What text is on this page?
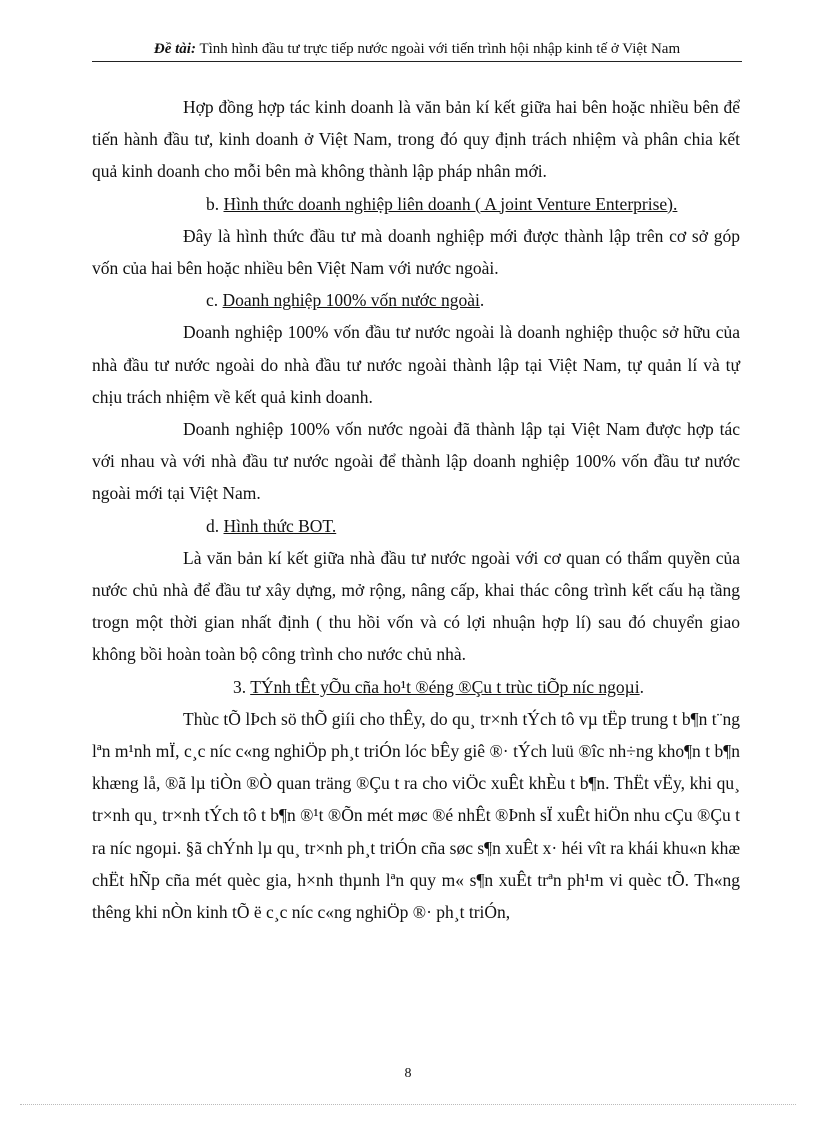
Đề tài: Tình hình đầu tư trực tiếp nước ngoài với tiến trình hội nhập kinh tế ở Việt Nam

Hợp đồng hợp tác kinh doanh là văn bản kí kết giữa hai bên hoặc nhiều bên để tiến hành đầu tư, kinh doanh ở Việt Nam, trong đó quy định trách nhiệm và phân chia kết quả kinh doanh cho mỗi bên mà không thành lập pháp nhân mới.

b. Hình thức doanh nghiệp liên doanh ( A joint Venture Enterprise).

Đây là hình thức đầu tư mà doanh nghiệp mới được thành lập trên cơ sở góp vốn của hai bên hoặc nhiều bên Việt Nam với nước ngoài.

c. Doanh nghiệp 100% vốn nước ngoài.

Doanh nghiệp 100% vốn đầu tư nước ngoài là doanh nghiệp thuộc sở hữu của nhà đầu tư nước ngoài do nhà đầu tư nước ngoài thành lập tại Việt Nam, tự quản lí và tự chịu trách nhiệm về kết quả kinh doanh.

Doanh nghiệp 100% vốn nước ngoài đã thành lập tại Việt Nam được hợp tác với nhau và với nhà đầu tư nước ngoài để thành lập doanh nghiệp 100% vốn đầu tư nước ngoài mới tại Việt Nam.

d. Hình thức BOT.

Là văn bản kí kết giữa nhà đầu tư nước ngoài với cơ quan có thẩm quyền của nước chủ nhà để đầu tư xây dựng, mở rộng, nâng cấp, khai thác công trình kết cấu hạ tầng trogn một thời gian nhất định ( thu hồi vốn và có lợi nhuận hợp lí) sau đó chuyển giao không bồi hoàn toàn bộ công trình cho nước chủ nhà.

3. TÝnh tÊt yÕu cña ho¹t ®éng ®Çu t trùc tiÕp níc ngoµi.

Thùc tÕ lÞch sö thÕ giíi cho thÊy, do qu¸ tr×nh tÝch tô vµ tËp trung t b¶n t¨ng lªn m¹nh mÏ, c¸c níc c«ng nghiÖp ph¸t triÓn lóc bÊy giê ®· tÝch luü ®îc nh÷ng kho¶n t b¶n khæng lå, ®ã lµ tiÒn ®Ò quan träng ®Çu t ra cho viÖc xuÊt khÈu t b¶n. ThËt vËy, khi qu¸ tr×nh qu¸ tr×nh tÝch tô t b¶n ®¹t ®Õn mét møc ®é nhÊt ®Þnh sÏ xuÊt hiÖn nhu cÇu ®Çu t ra níc ngoµi. §ã chÝnh lµ qu¸ tr×nh ph¸t triÓn cña søc s¶n xuÊt x· héi vît ra khái khu«n khæ chËt hÑp cña mét quèc gia, h×nh thµnh lªn quy m« s¶n xuÊt trªn ph¹m vi quèc tÕ. Th«ng thêng khi nÒn kinh tÕ ë c¸c níc c«ng nghiÖp ®· ph¸t triÓn,

8
